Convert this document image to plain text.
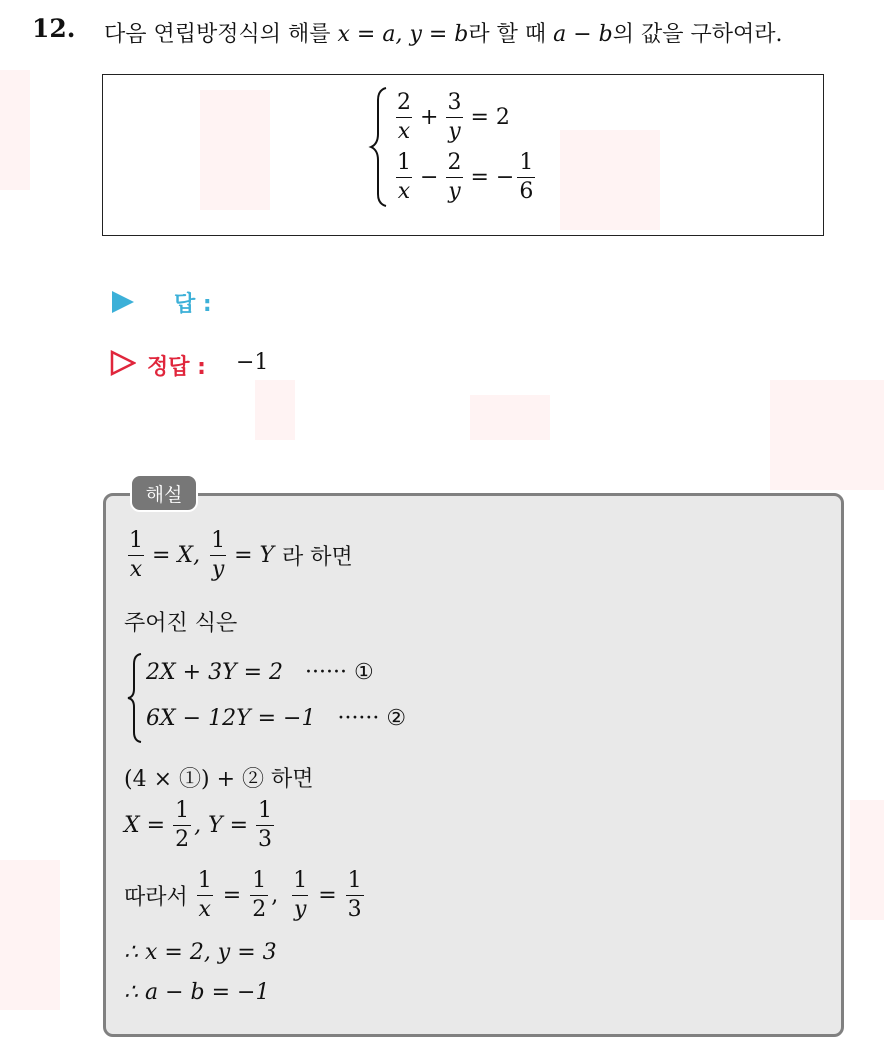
12. 다음 연립방정식의 해를 x = a, y = b라 할 때 a − b의 값을 구하여라.
$\frac{2}{x} + \frac{3}{y} = 2$
$\frac{1}{x} - \frac{2}{y}$ = − $\frac{1}{6}$
답 :
정답 : −1
해설
$\frac{1}{x} = X$, $\frac{1}{y} = Y$ 라 하면
주어진 식은
2X + 3Y = 2 ······ ①
6X − 12Y = −1 ······ ②
(4 × ①) + ② 하면
$X = \frac{1}{2}$ , $Y = \frac{1}{3}$
따라서 $\frac{1}{x} = \frac{1}{2}$ , $\frac{1}{y} = \frac{1}{3}$
∴ x = 2, y = 3
∴ a − b = −1
